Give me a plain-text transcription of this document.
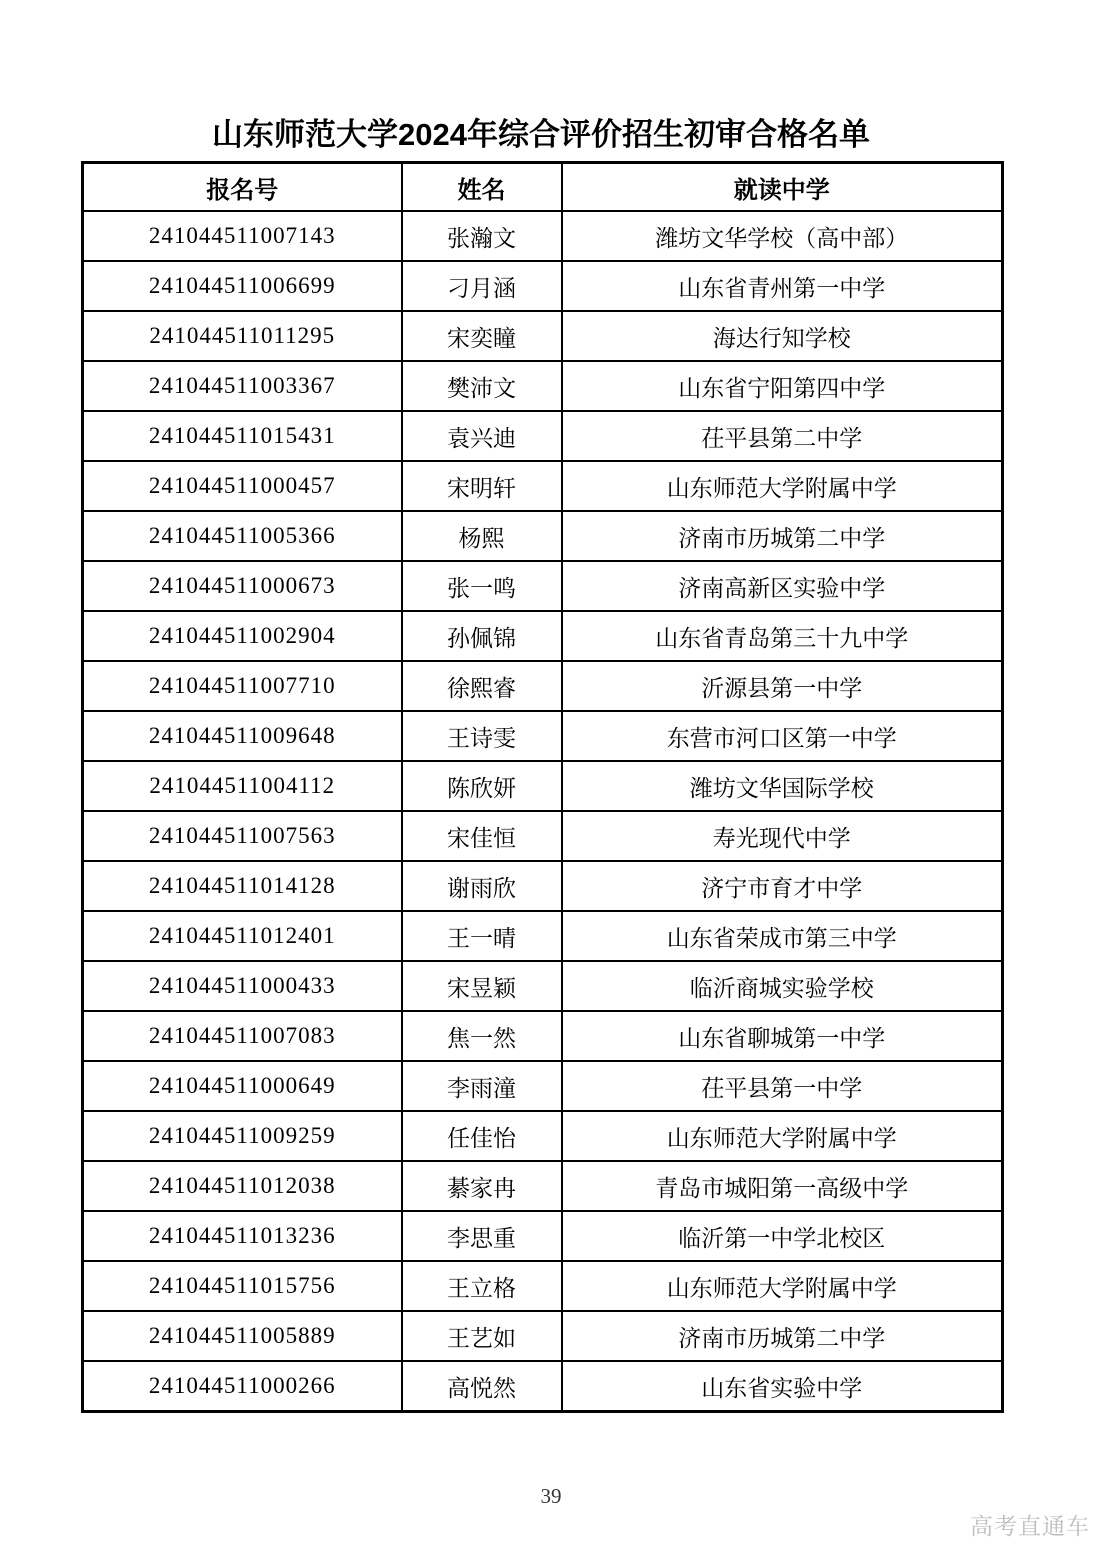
山东师范大学2024年综合评价招生初审合格名单
报名号	姓名	就读中学
241044511007143	张瀚文	潍坊文华学校（高中部）
241044511006699	刁月涵	山东省青州第一中学
241044511011295	宋奕瞳	海达行知学校
241044511003367	樊沛文	山东省宁阳第四中学
241044511015431	袁兴迪	茌平县第二中学
241044511000457	宋明轩	山东师范大学附属中学
241044511005366	杨熙	济南市历城第二中学
241044511000673	张一鸣	济南高新区实验中学
241044511002904	孙佩锦	山东省青岛第三十九中学
241044511007710	徐熙睿	沂源县第一中学
241044511009648	王诗雯	东营市河口区第一中学
241044511004112	陈欣妍	潍坊文华国际学校
241044511007563	宋佳恒	寿光现代中学
241044511014128	谢雨欣	济宁市育才中学
241044511012401	王一晴	山东省荣成市第三中学
241044511000433	宋昱颖	临沂商城实验学校
241044511007083	焦一然	山东省聊城第一中学
241044511000649	李雨潼	茌平县第一中学
241044511009259	任佳怡	山东师范大学附属中学
241044511012038	綦家冉	青岛市城阳第一高级中学
241044511013236	李思重	临沂第一中学北校区
241044511015756	王立格	山东师范大学附属中学
241044511005889	王艺如	济南市历城第二中学
241044511000266	高悦然	山东省实验中学
39
高考直通车
